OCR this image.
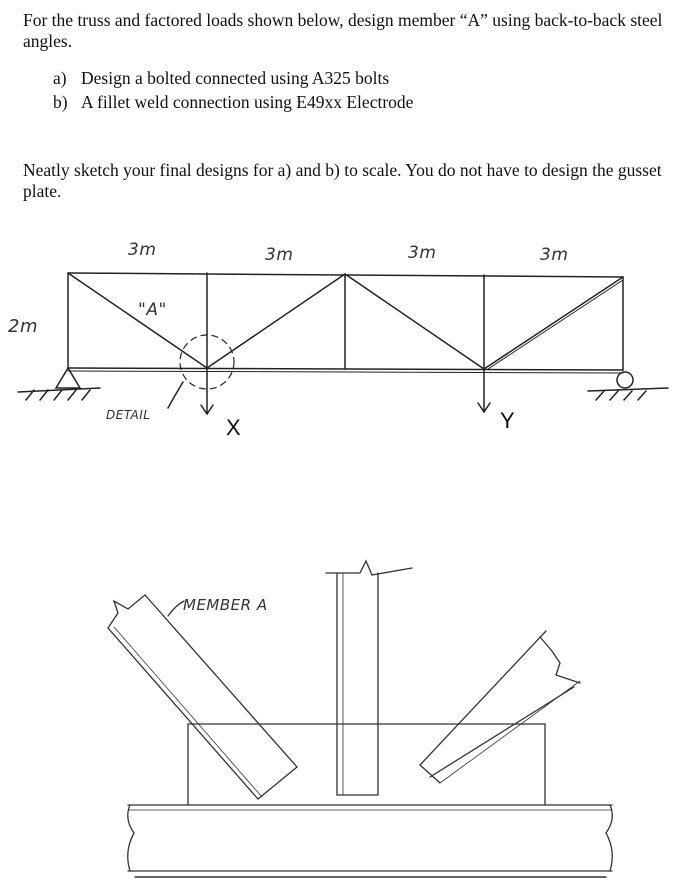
For the truss and factored loads shown below, design member “A” using back-to-back steel angles.

a) Design a bolted connected using A325 bolts
b) A fillet weld connection using E49xx Electrode

Neatly sketch your final designs for a) and b) to scale. You do not have to design the gusset plate.

3m	3m	3m	3m
2m
"A"
DETAIL	X	Y
MEMBER A
